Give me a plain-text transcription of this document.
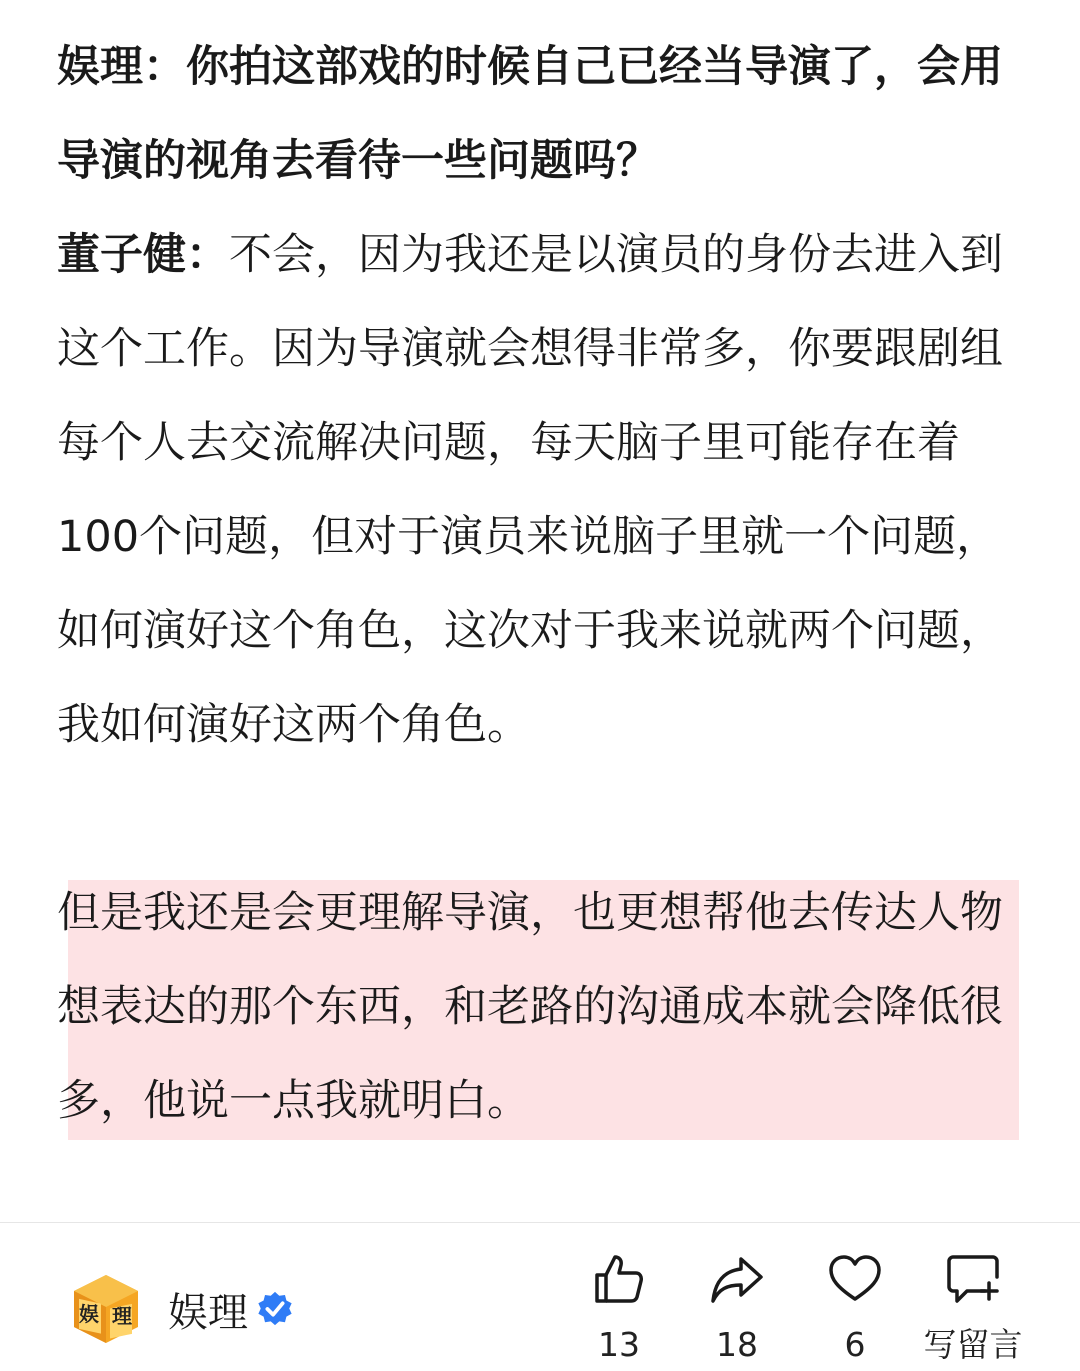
娱理：你拍这部戏的时候自己已经当导演了，会用导演的视角去看待一些问题吗？

董子健：不会，因为我还是以演员的身份去进入到这个工作。因为导演就会想得非常多，你要跟剧组每个人去交流解决问题，每天脑子里可能存在着100个问题，但对于演员来说脑子里就一个问题，如何演好这个角色，这次对于我来说就两个问题，我如何演好这两个角色。

但是我还是会更理解导演，也更想帮他去传达人物想表达的那个东西，和老路的沟通成本就会降低很多，他说一点我就明白。

娱 理 娱理
13 18	6 写留言
